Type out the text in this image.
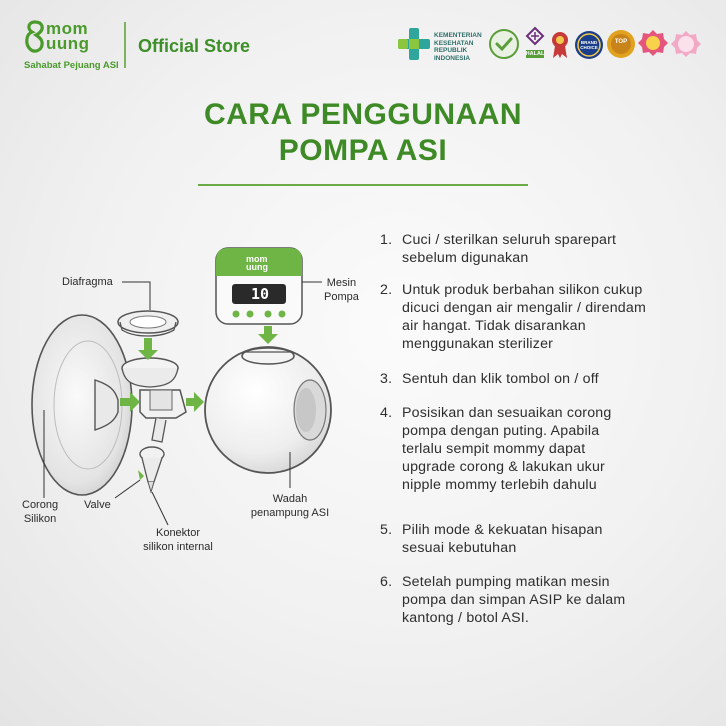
mom
uung
Sahabat Pejuang ASI
Official Store
KEMENTERIAN
KESEHATAN
REPUBLIK
INDONESIA
HALAL
BRAND CHOICE
TOP
CARA PENGGUNAAN
POMPA ASI
mom
uung
10
Diafragma	Mesin
Pompa
Corong
Silikon
Valve	Wadah
penampung ASI
Konektor
silikon internal
1. Cuci / sterilkan seluruh sparepart
sebelum digunakan
2. Untuk produk berbahan silikon cukup
dicuci dengan air mengalir / direndam
air hangat. Tidak disarankan
menggunakan sterilizer
3. Sentuh dan klik tombol on / off
4. Posisikan dan sesuaikan corong
pompa dengan puting. Apabila
terlalu sempit mommy dapat
upgrade corong & lakukan ukur
nipple mommy terlebih dahulu
5. Pilih mode & kekuatan hisapan
sesuai kebutuhan
6. Setelah pumping matikan mesin
pompa dan simpan ASIP ke dalam
kantong / botol ASI.
